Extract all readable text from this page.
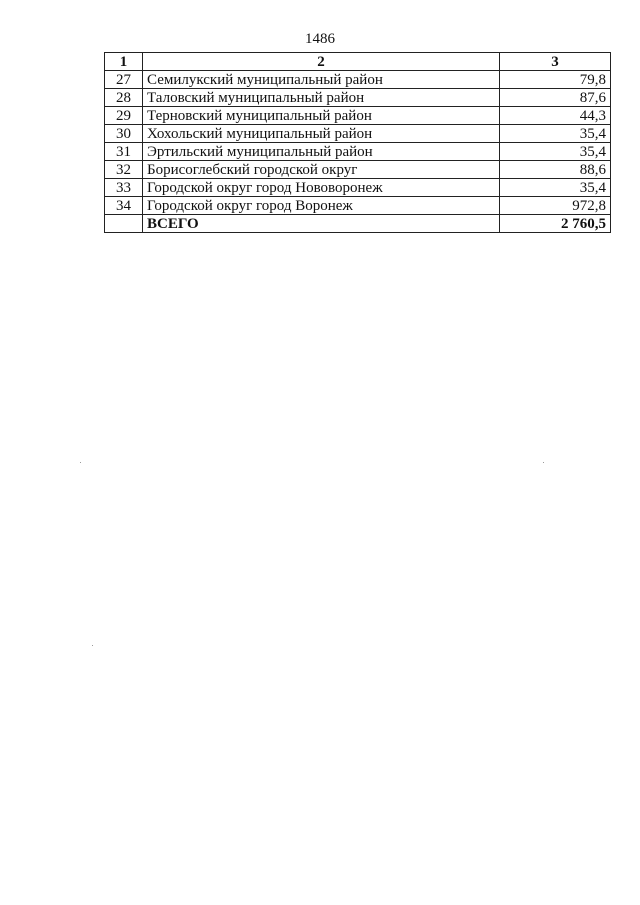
1486
1	2	3
27	Семилукский муниципальный район	79,8
28	Таловский муниципальный район	87,6
29	Терновский муниципальный район	44,3
30	Хохольский муниципальный район	35,4
31	Эртильский муниципальный район	35,4
32	Борисоглебский городской округ	88,6
33	Городской округ город Нововоронеж	35,4
34	Городской округ город Воронеж	972,8
	ВСЕГО	2 760,5
